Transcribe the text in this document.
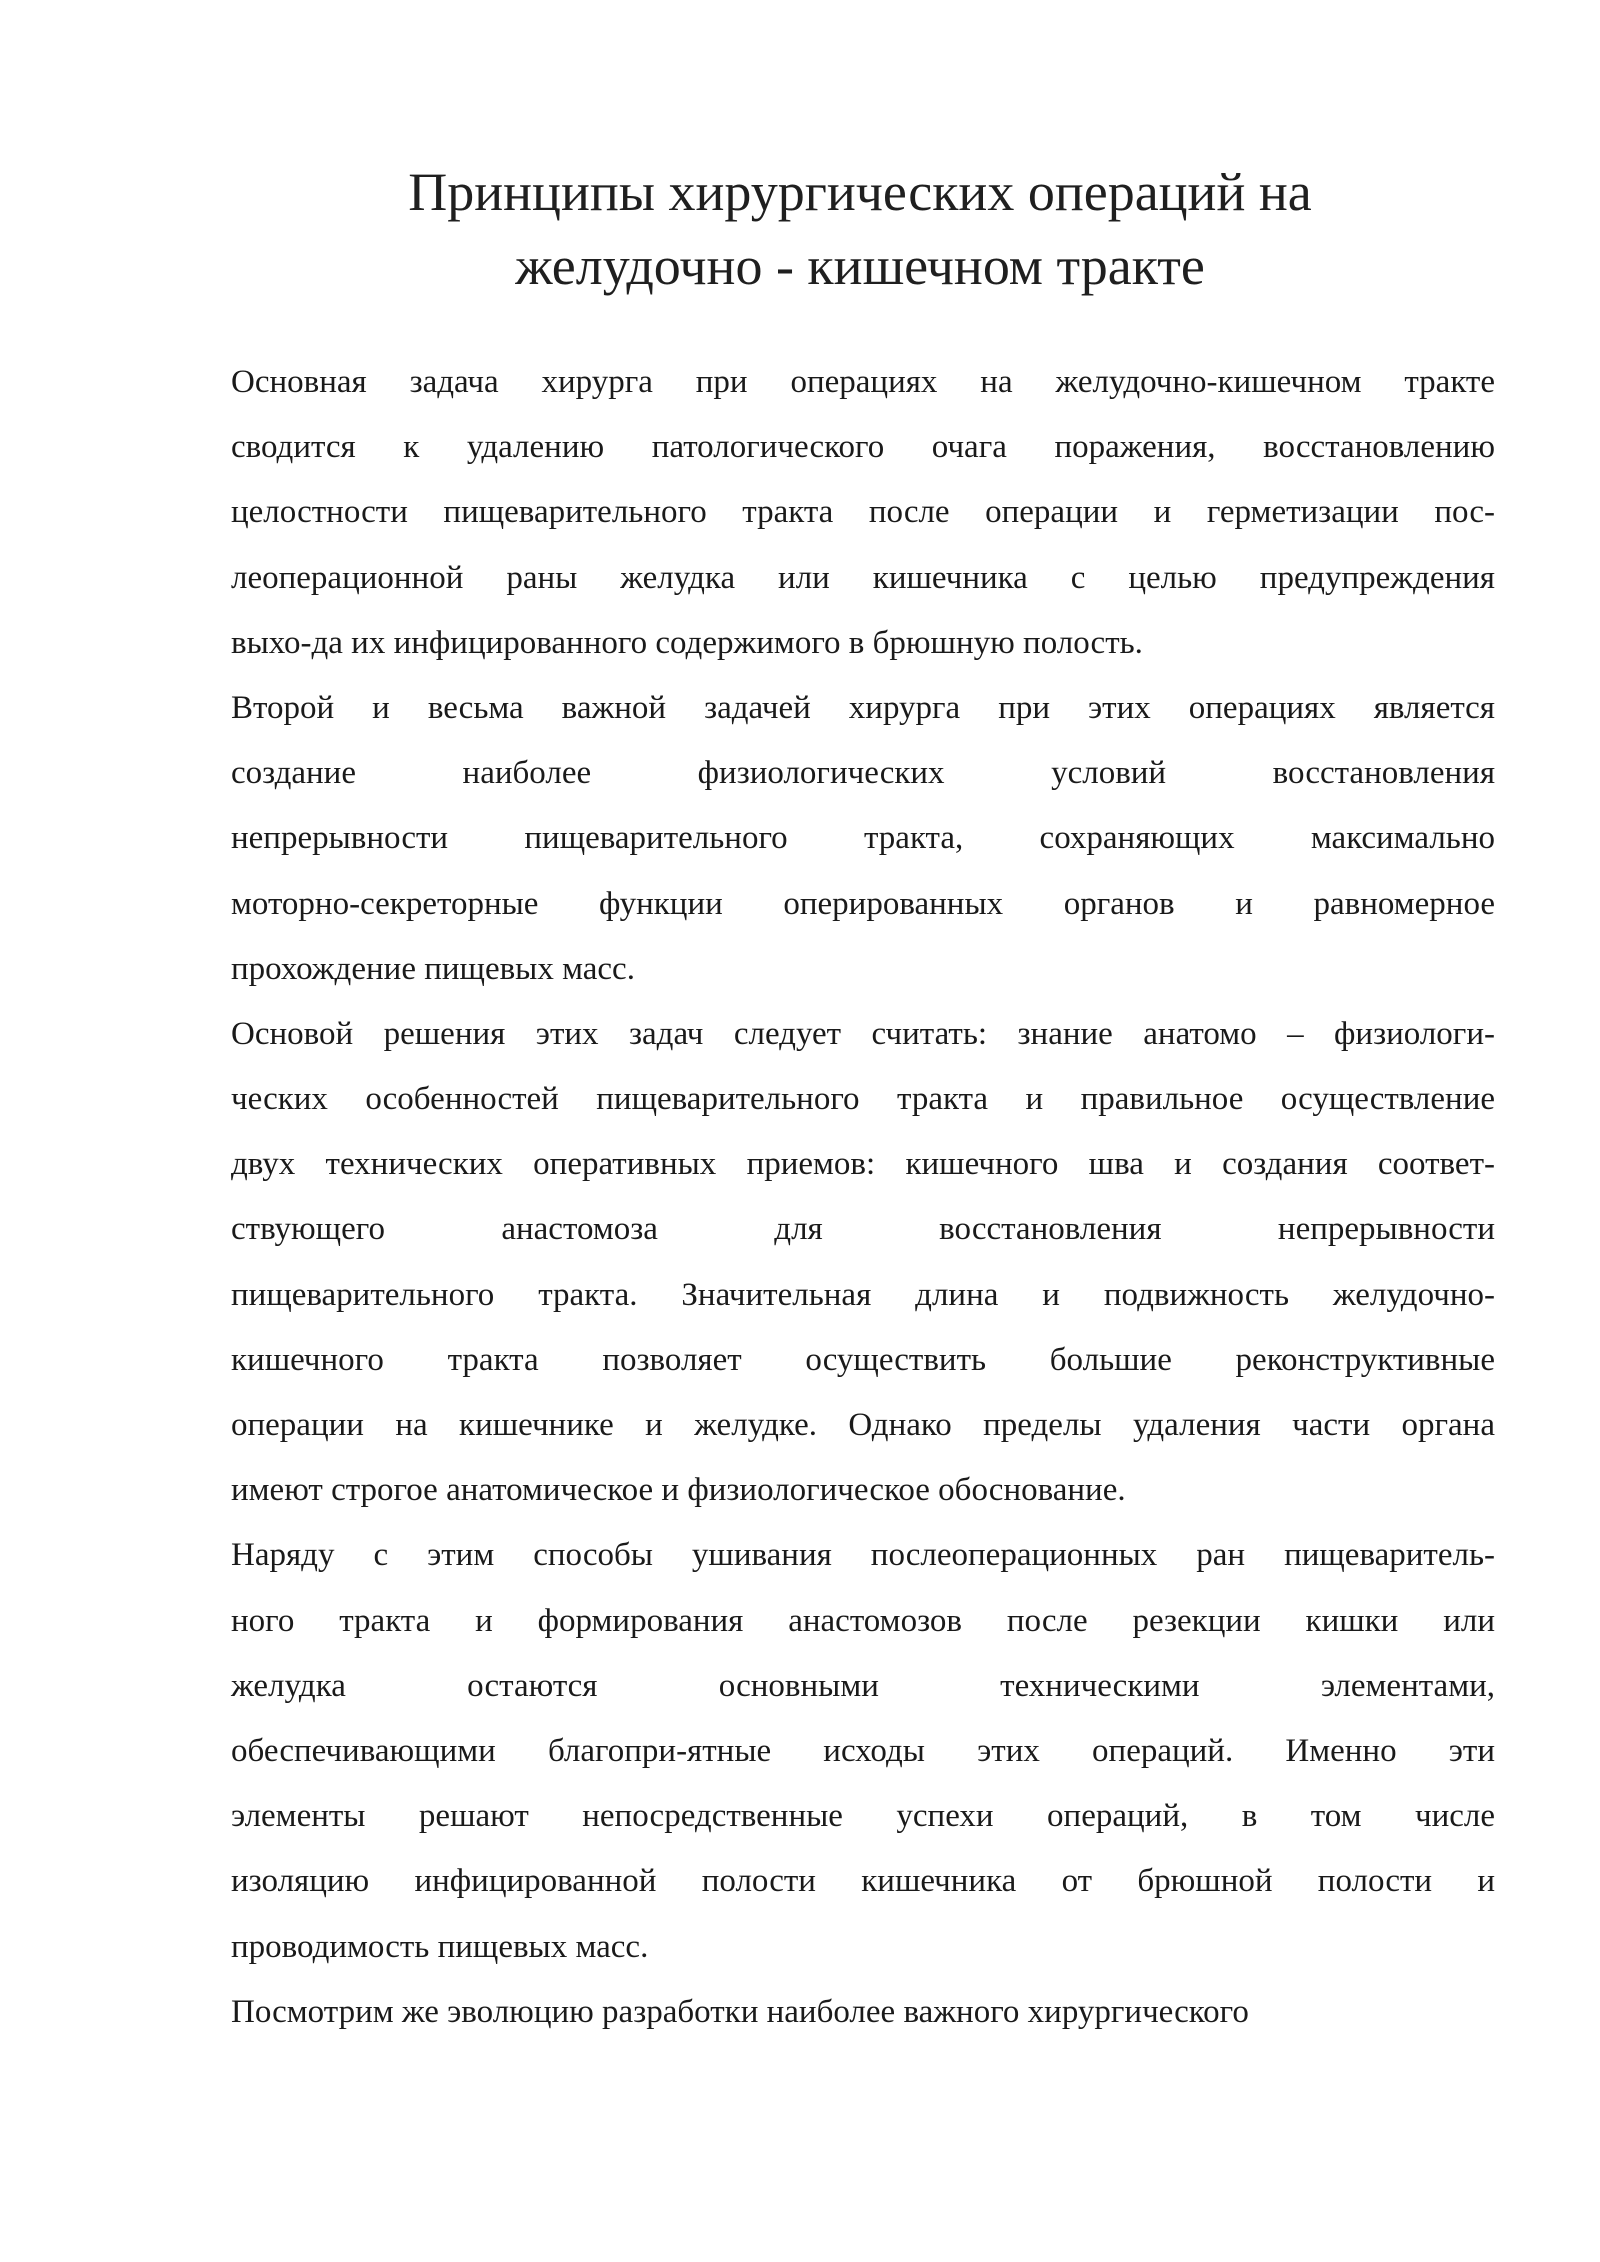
Принципы хирургических операций на
желудочно - кишечном тракте
Основная задача хирурга при операциях на желудочно-кишечном тракте
сводится к удалению патологического очага поражения, восстановлению
целостности пищеварительного тракта после операции и герметизации пос-
леоперационной раны желудка или кишечника с целью предупреждения
выхо-да их инфицированного содержимого в брюшную полость.
Второй и весьма важной задачей хирурга при этих операциях является
создание наиболее физиологических условий восстановления
непрерывности пищеварительного тракта, сохраняющих максимально
моторно-секреторные функции оперированных органов и равномерное
прохождение пищевых масс.
Основой решения этих задач следует считать: знание анатомо – физиологи-
ческих особенностей пищеварительного тракта и правильное осуществление
двух технических оперативных приемов: кишечного шва и создания соответ-
ствующего анастомоза для восстановления непрерывности
пищеварительного тракта. Значительная длина и подвижность желудочно-
кишечного тракта позволяет осуществить большие реконструктивные
операции на кишечнике и желудке. Однако пределы удаления части органа
имеют строгое анатомическое и физиологическое обоснование.
Наряду с этим способы ушивания послеоперационных ран пищеваритель-
ного тракта и формирования анастомозов после резекции кишки или
желудка остаются основными техническими элементами,
обеспечивающими благопри-ятные исходы этих операций. Именно эти
элементы решают непосредственные успехи операций, в том числе
изоляцию инфицированной полости кишечника от брюшной полости и
проводимость пищевых масс.
Посмотрим же эволюцию разработки наиболее важного хирургического
